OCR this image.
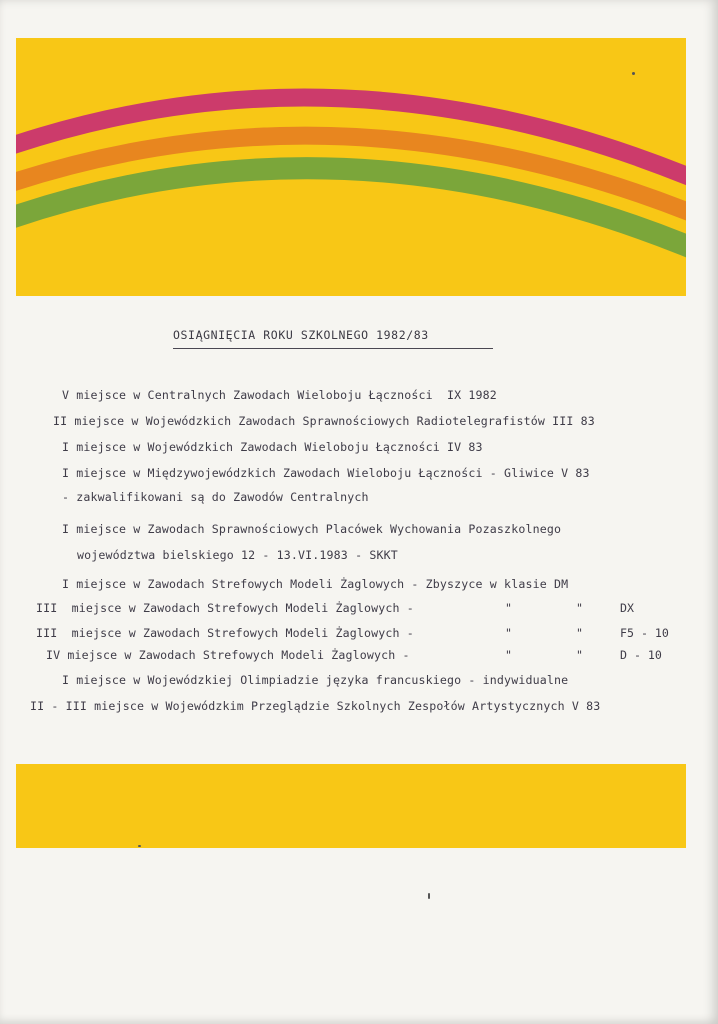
OSIĄGNIĘCIA ROKU SZKOLNEGO 1982/83
V miejsce w Centralnych Zawodach Wieloboju Łączności  IX 1982
II miejsce w Wojewódzkich Zawodach Sprawnościowych Radiotelegrafistów III 83
I miejsce w Wojewódzkich Zawodach Wieloboju Łączności IV 83
I miejsce w Międzywojewódzkich Zawodach Wieloboju Łączności - Gliwice V 83
- zakwalifikowani są do Zawodów Centralnych
I miejsce w Zawodach Sprawnościowych Placówek Wychowania Pozaszkolnego
województwa bielskiego 12 - 13.VI.1983 - SKKT
I miejsce w Zawodach Strefowych Modeli Żaglowych - Zbyszyce w klasie DM
III  miejsce w Zawodach Strefowych Modeli Żaglowych -	"	"	DX
III  miejsce w Zawodach Strefowych Modeli Żaglowych -	"	"	F5 - 10
IV miejsce w Zawodach Strefowych Modeli Żaglowych -	"	"	D - 10
I miejsce w Wojewódzkiej Olimpiadzie języka francuskiego - indywidualne
II - III miejsce w Wojewódzkim Przeglądzie Szkolnych Zespołów Artystycznych V 83
